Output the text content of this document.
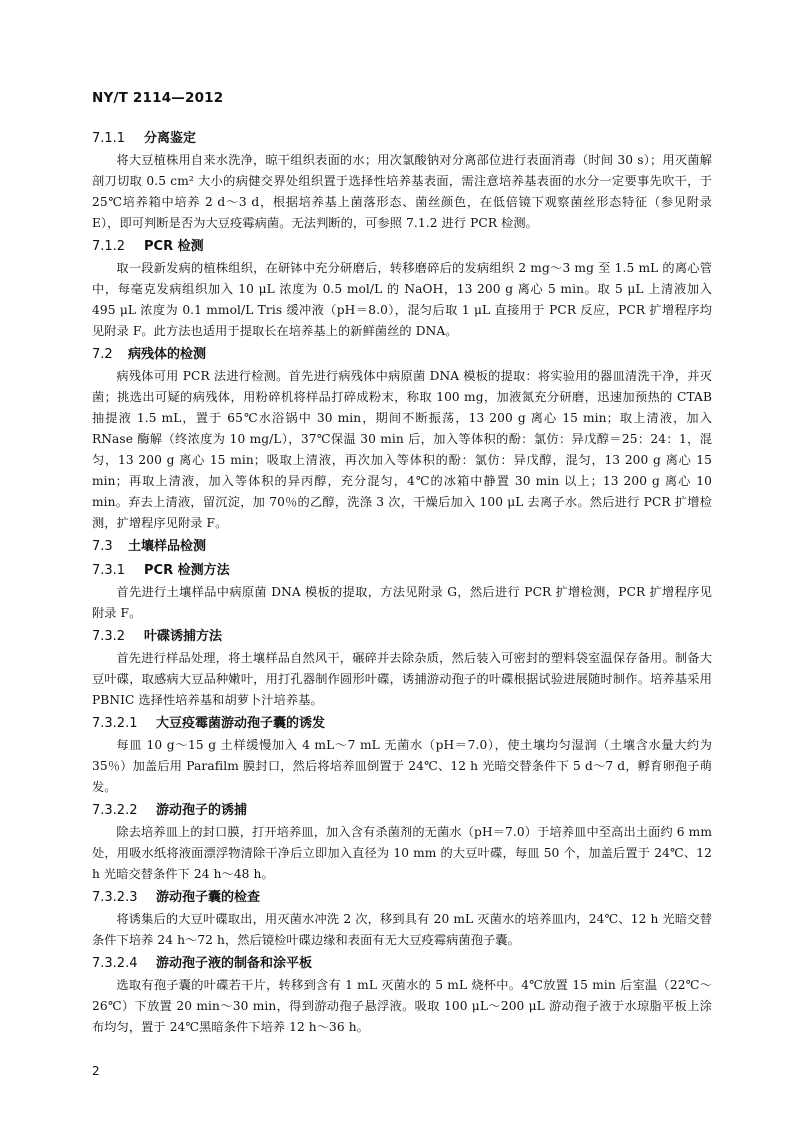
NY/T 2114—2012
7.1.1	分离鉴定

将大豆植株用自来水洗净，晾干组织表面的水；用次氯酸钠对分离部位进行表面消毒（时间 30 s）；用灭菌解剖刀切取 0.5 cm² 大小的病健交界处组织置于选择性培养基表面，需注意培养基表面的水分一定要事先吹干，于 25℃培养箱中培养 2 d～3 d，根据培养基上菌落形态、菌丝颜色，在低倍镜下观察菌丝形态特征（参见附录 E），即可判断是否为大豆疫霉病菌。无法判断的，可参照 7.1.2 进行 PCR 检测。

7.1.2	PCR 检测

取一段新发病的植株组织，在研钵中充分研磨后，转移磨碎后的发病组织 2 mg～3 mg 至 1.5 mL 的离心管中，每毫克发病组织加入 10 μL 浓度为 0.5 mol/L 的 NaOH，13 200 g 离心 5 min。取 5 μL 上清液加入 495 μL 浓度为 0.1 mmol/L Tris 缓冲液（pH＝8.0），混匀后取 1 μL 直接用于 PCR 反应，PCR 扩增程序均见附录 F。此方法也适用于提取长在培养基上的新鲜菌丝的 DNA。

7.2	病残体的检测

病残体可用 PCR 法进行检测。首先进行病残体中病原菌 DNA 模板的提取：将实验用的器皿清洗干净，并灭菌；挑选出可疑的病残体，用粉碎机将样品打碎成粉末，称取 100 mg，加液氮充分研磨，迅速加预热的 CTAB 抽提液 1.5 mL，置于 65℃水浴锅中 30 min，期间不断振荡，13 200 g 离心 15 min；取上清液，加入 RNase 酶解（终浓度为 10 mg/L），37℃保温 30 min 后，加入等体积的酚：氯仿：异戊醇＝25：24：1，混匀，13 200 g 离心 15 min；吸取上清液，再次加入等体积的酚：氯仿：异戊醇，混匀，13 200 g 离心 15 min；再取上清液，加入等体积的异丙醇，充分混匀，4℃的冰箱中静置 30 min 以上；13 200 g 离心 10 min。弃去上清液，留沉淀，加 70％的乙醇，洗涤 3 次，干燥后加入 100 μL 去离子水。然后进行 PCR 扩增检测，扩增程序见附录 F。

7.3	土壤样品检测
7.3.1	PCR 检测方法

首先进行土壤样品中病原菌 DNA 模板的提取，方法见附录 G，然后进行 PCR 扩增检测，PCR 扩增程序见附录 F。

7.3.2	叶碟诱捕方法

首先进行样品处理，将土壤样品自然风干，碾碎并去除杂质，然后装入可密封的塑料袋室温保存备用。制备大豆叶碟，取感病大豆品种嫩叶，用打孔器制作圆形叶碟，诱捕游动孢子的叶碟根据试验进展随时制作。培养基采用 PBNIC 选择性培养基和胡萝卜汁培养基。

7.3.2.1	大豆疫霉菌游动孢子囊的诱发

每皿 10 g～15 g 土样缓慢加入 4 mL～7 mL 无菌水（pH＝7.0），使土壤均匀湿润（土壤含水量大约为 35％）加盖后用 Parafilm 膜封口，然后将培养皿倒置于 24℃、12 h 光暗交替条件下 5 d～7 d，孵育卵孢子萌发。

7.3.2.2	游动孢子的诱捕

除去培养皿上的封口膜，打开培养皿，加入含有杀菌剂的无菌水（pH＝7.0）于培养皿中至高出土面约 6 mm 处，用吸水纸将液面漂浮物清除干净后立即加入直径为 10 mm 的大豆叶碟，每皿 50 个，加盖后置于 24℃、12 h 光暗交替条件下 24 h～48 h。

7.3.2.3	游动孢子囊的检查

将诱集后的大豆叶碟取出，用灭菌水冲洗 2 次，移到具有 20 mL 灭菌水的培养皿内，24℃、12 h 光暗交替条件下培养 24 h～72 h，然后镜检叶碟边缘和表面有无大豆疫霉病菌孢子囊。

7.3.2.4	游动孢子液的制备和涂平板

选取有孢子囊的叶碟若干片，转移到含有 1 mL 灭菌水的 5 mL 烧杯中。4℃放置 15 min 后室温（22℃～26℃）下放置 20 min～30 min，得到游动孢子悬浮液。吸取 100 μL～200 μL 游动孢子液于水琼脂平板上涂布均匀，置于 24℃黑暗条件下培养 12 h～36 h。

2
